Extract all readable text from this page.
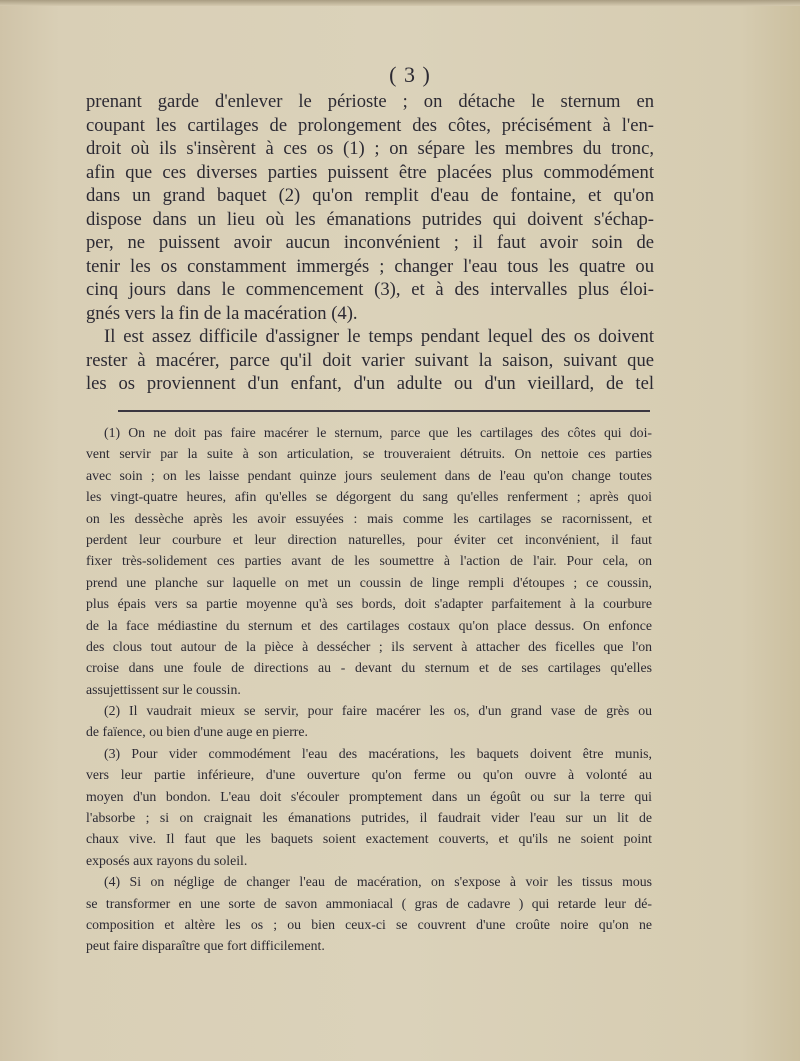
( 3 )
prenant garde d'enlever le périoste ; on détache le sternum en
coupant les cartilages de prolongement des côtes, précisément à l'en-
droit où ils s'insèrent à ces os (1) ; on sépare les membres du tronc,
afin que ces diverses parties puissent être placées plus commodément
dans un grand baquet (2) qu'on remplit d'eau de fontaine, et qu'on
dispose dans un lieu où les émanations putrides qui doivent s'échap-
per, ne puissent avoir aucun inconvénient ; il faut avoir soin de
tenir les os constamment immergés ; changer l'eau tous les quatre ou
cinq jours dans le commencement (3), et à des intervalles plus éloi-
gnés vers la fin de la macération (4).
Il est assez difficile d'assigner le temps pendant lequel des os doivent
rester à macérer, parce qu'il doit varier suivant la saison, suivant que
les os proviennent d'un enfant, d'un adulte ou d'un vieillard, de tel
(1) On ne doit pas faire macérer le sternum, parce que les cartilages des côtes qui doi-
vent servir par la suite à son articulation, se trouveraient détruits. On nettoie ces parties
avec soin ; on les laisse pendant quinze jours seulement dans de l'eau qu'on change toutes
les vingt-quatre heures, afin qu'elles se dégorgent du sang qu'elles renferment ; après quoi
on les dessèche après les avoir essuyées : mais comme les cartilages se racornissent, et
perdent leur courbure et leur direction naturelles, pour éviter cet inconvénient, il faut
fixer très-solidement ces parties avant de les soumettre à l'action de l'air. Pour cela, on
prend une planche sur laquelle on met un coussin de linge rempli d'étoupes ; ce coussin,
plus épais vers sa partie moyenne qu'à ses bords, doit s'adapter parfaitement à la courbure
de la face médiastine du sternum et des cartilages costaux qu'on place dessus. On enfonce
des clous tout autour de la pièce à dessécher ; ils servent à attacher des ficelles que l'on
croise dans une foule de directions au - devant du sternum et de ses cartilages qu'elles
assujettissent sur le coussin.
(2) Il vaudrait mieux se servir, pour faire macérer les os, d'un grand vase de grès ou
de faïence, ou bien d'une auge en pierre.
(3) Pour vider commodément l'eau des macérations, les baquets doivent être munis,
vers leur partie inférieure, d'une ouverture qu'on ferme ou qu'on ouvre à volonté au
moyen d'un bondon. L'eau doit s'écouler promptement dans un égoût ou sur la terre qui
l'absorbe ; si on craignait les émanations putrides, il faudrait vider l'eau sur un lit de
chaux vive. Il faut que les baquets soient exactement couverts, et qu'ils ne soient point
exposés aux rayons du soleil.
(4) Si on néglige de changer l'eau de macération, on s'expose à voir les tissus mous
se transformer en une sorte de savon ammoniacal ( gras de cadavre ) qui retarde leur dé-
composition et altère les os ; ou bien ceux-ci se couvrent d'une croûte noire qu'on ne
peut faire disparaître que fort difficilement.
